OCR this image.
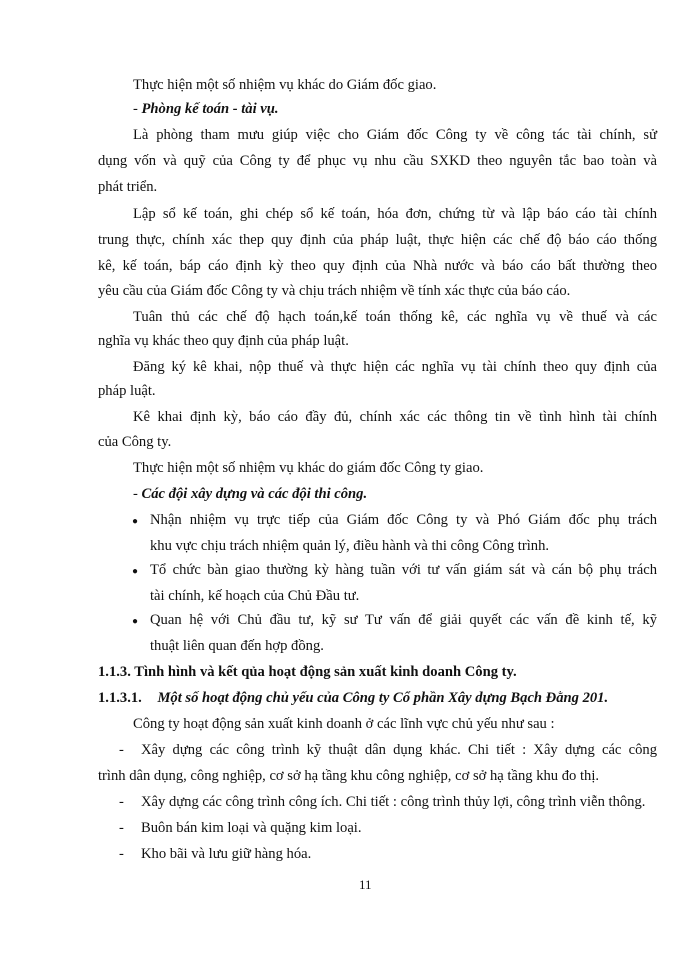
Thực hiện một số nhiệm vụ khác do Giám đốc giao.
- Phòng kế toán - tài vụ.
Là phòng tham mưu giúp việc cho Giám đốc Công ty về công tác tài chính, sử
dụng vốn và quỹ của Công ty để phục vụ nhu cầu SXKD theo nguyên tắc bao toàn và
phát triển.
Lập sổ kế toán, ghi chép sổ kế toán, hóa đơn, chứng từ và lập báo cáo tài chính
trung thực, chính xác thep quy định của pháp luật, thực hiện các chế độ báo cáo thống
kê, kế toán, báp cáo định kỳ theo quy định của Nhà nước và báo cáo bất thường theo
yêu cầu của Giám đốc Công ty và chịu trách nhiệm về tính xác thực của báo cáo.
Tuân thủ các chế độ hạch toán,kế toán thống kê, các nghĩa vụ về thuế và các
nghĩa vụ khác theo quy định của pháp luật.
Đăng ký kê khai, nộp thuế và thực hiện các nghĩa vụ tài chính theo quy định của
pháp luật.
Kê khai định kỳ, báo cáo đầy đủ, chính xác các thông tin về tình hình tài chính
của Công ty.
Thực hiện một số nhiệm vụ khác do giám đốc Công ty giao.
- Các đội xây dựng và các đội thi công.
● Nhận nhiệm vụ trực tiếp của Giám đốc Công ty và Phó Giám đốc phụ trách
khu vực chịu trách nhiệm quản lý, điều hành và thi công Công trình.
● Tổ chức bàn giao thường kỳ hàng tuần với tư vấn giám sát và cán bộ phụ trách
tài chính, kế hoạch của Chủ Đầu tư.
● Quan hệ với Chủ đầu tư, kỹ sư Tư vấn để giải quyết các vấn đề kinh tế, kỹ
thuật liên quan đến hợp đồng.
1.1.3. Tình hình và kết qủa hoạt động sản xuất kinh doanh Công ty.
1.1.3.1. Một số hoạt động chủ yếu của Công ty Cổ phần Xây dựng Bạch Đằng 201.
Công ty hoạt động sản xuất kinh doanh ở các lĩnh vực chủ yếu như sau :
- Xây dựng các công trình kỹ thuật dân dụng khác. Chi tiết : Xây dựng các công
trình dân dụng, công nghiệp, cơ sở hạ tầng khu công nghiệp, cơ sở hạ tầng khu đo thị.
- Xây dựng các công trình công ích. Chi tiết : công trình thủy lợi, công trình viễn thông.
- Buôn bán kim loại và quặng kim loại.
- Kho bãi và lưu giữ hàng hóa.
11
